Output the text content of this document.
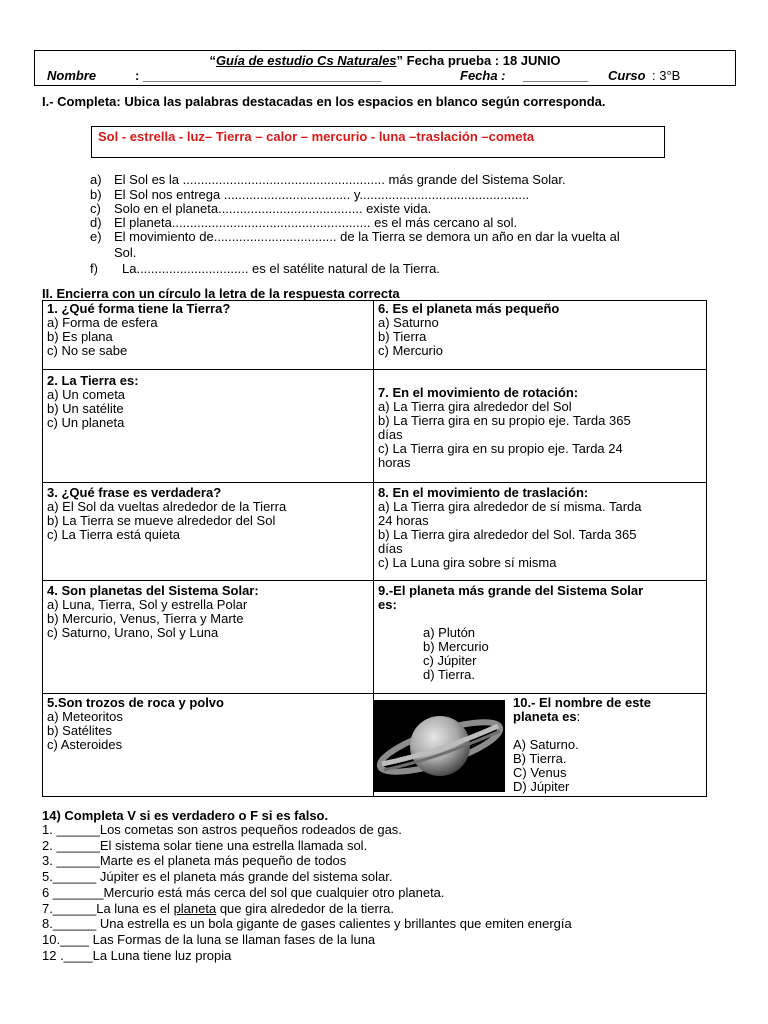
“Guía de estudio Cs Naturales” Fecha prueba : 18 JUNIO
Nombre	: _________________________________	Fecha : _________ Curso : 3°B
I.- Completa: Ubica las palabras destacadas en los espacios en blanco según corresponda.
Sol - estrella - luz– Tierra – calor – mercurio - luna –traslación –cometa
a) El Sol es la ........................................................ más grande del Sistema Solar.
b) El Sol nos entrega ................................... y...............................................
c) Solo en el planeta........................................ existe vida.
d) El planeta....................................................... es el más cercano al sol.
e) El movimiento de.................................. de la Tierra se demora un año en dar la vuelta al
Sol.
f) La............................... es el satélite natural de la Tierra.
II. Encierra con un círculo la letra de la respuesta correcta
1. ¿Qué forma tiene la Tierra?
a) Forma de esfera
b) Es plana
c) No se sabe
6. Es el planeta más pequeño
a) Saturno
b) Tierra
c) Mercurio
2. La Tierra es:
a) Un cometa
b) Un satélite
c) Un planeta
7. En el movimiento de rotación:
a) La Tierra gira alrededor del Sol
b) La Tierra gira en su propio eje. Tarda 365
días
c) La Tierra gira en su propio eje. Tarda 24
horas
3. ¿Qué frase es verdadera?
a) El Sol da vueltas alrededor de la Tierra
b) La Tierra se mueve alrededor del Sol
c) La Tierra está quieta
8. En el movimiento de traslación:
a) La Tierra gira alrededor de sí misma. Tarda
24 horas
b) La Tierra gira alrededor del Sol. Tarda 365
días
c) La Luna gira sobre sí misma
4. Son planetas del Sistema Solar:
a) Luna, Tierra, Sol y estrella Polar
b) Mercurio, Venus, Tierra y Marte
c) Saturno, Urano, Sol y Luna
9.-El planeta más grande del Sistema Solar
es:
a) Plutón
b) Mercurio
c) Júpiter
d) Tierra.
5.Son trozos de roca y polvo
a) Meteoritos
b) Satélites
c) Asteroides
10.- El nombre de este
planeta es:
A) Saturno.
B) Tierra.
C) Venus
D) Júpiter
14) Completa V si es verdadero o F si es falso.
1. ______Los cometas son astros pequeños rodeados de gas.
2. ______El sistema solar tiene una estrella llamada sol.
3. ______Marte es el planeta más pequeño de todos
5.______ Júpiter es el planeta más grande del sistema solar.
6 _______Mercurio está más cerca del sol que cualquier otro planeta.
7.______La luna es el planeta que gira alrededor de la tierra.
8.______ Una estrella es un bola gigante de gases calientes y brillantes que emiten energía
10.____ Las Formas de la luna se llaman fases de la luna
12 .____La Luna tiene luz propia
